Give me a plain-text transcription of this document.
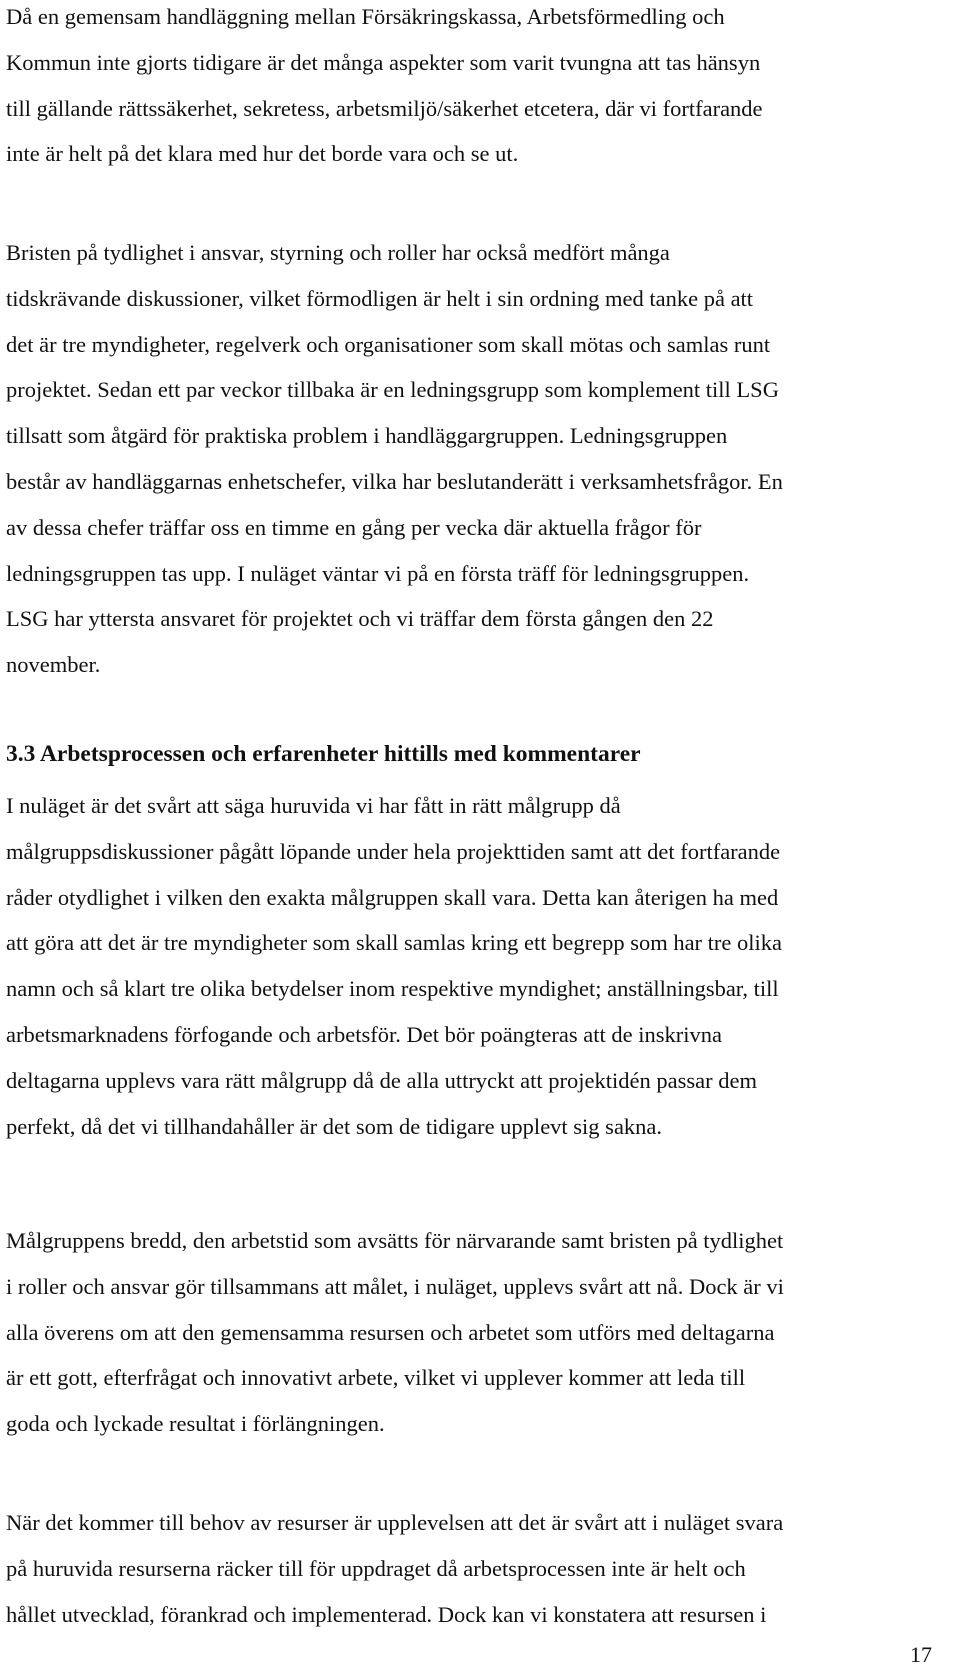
Då en gemensam handläggning mellan Försäkringskassa, Arbetsförmedling och
Kommun inte gjorts tidigare är det många aspekter som varit tvungna att tas hänsyn
till gällande rättssäkerhet, sekretess, arbetsmiljö/säkerhet etcetera, där vi fortfarande
inte är helt på det klara med hur det borde vara och se ut.

Bristen på tydlighet i ansvar, styrning och roller har också medfört många
tidskrävande diskussioner, vilket förmodligen är helt i sin ordning med tanke på att
det är tre myndigheter, regelverk och organisationer som skall mötas och samlas runt
projektet. Sedan ett par veckor tillbaka är en ledningsgrupp som komplement till LSG
tillsatt som åtgärd för praktiska problem i handläggargruppen. Ledningsgruppen
består av handläggarnas enhetschefer, vilka har beslutanderätt i verksamhetsfrågor. En
av dessa chefer träffar oss en timme en gång per vecka där aktuella frågor för
ledningsgruppen tas upp. I nuläget väntar vi på en första träff för ledningsgruppen.
LSG har yttersta ansvaret för projektet och vi träffar dem första gången den 22
november.

3.3 Arbetsprocessen och erfarenheter hittills med kommentarer

I nuläget är det svårt att säga huruvida vi har fått in rätt målgrupp då
målgruppsdiskussioner pågått löpande under hela projekttiden samt att det fortfarande
råder otydlighet i vilken den exakta målgruppen skall vara. Detta kan återigen ha med
att göra att det är tre myndigheter som skall samlas kring ett begrepp som har tre olika
namn och så klart tre olika betydelser inom respektive myndighet; anställningsbar, till
arbetsmarknadens förfogande och arbetsför. Det bör poängteras att de inskrivna
deltagarna upplevs vara rätt målgrupp då de alla uttryckt att projektidén passar dem
perfekt, då det vi tillhandahåller är det som de tidigare upplevt sig sakna.

Målgruppens bredd, den arbetstid som avsätts för närvarande samt bristen på tydlighet
i roller och ansvar gör tillsammans att målet, i nuläget, upplevs svårt att nå. Dock är vi
alla överens om att den gemensamma resursen och arbetet som utförs med deltagarna
är ett gott, efterfrågat och innovativt arbete, vilket vi upplever kommer att leda till
goda och lyckade resultat i förlängningen.

När det kommer till behov av resurser är upplevelsen att det är svårt att i nuläget svara
på huruvida resurserna räcker till för uppdraget då arbetsprocessen inte är helt och
hållet utvecklad, förankrad och implementerad. Dock kan vi konstatera att resursen i

17
